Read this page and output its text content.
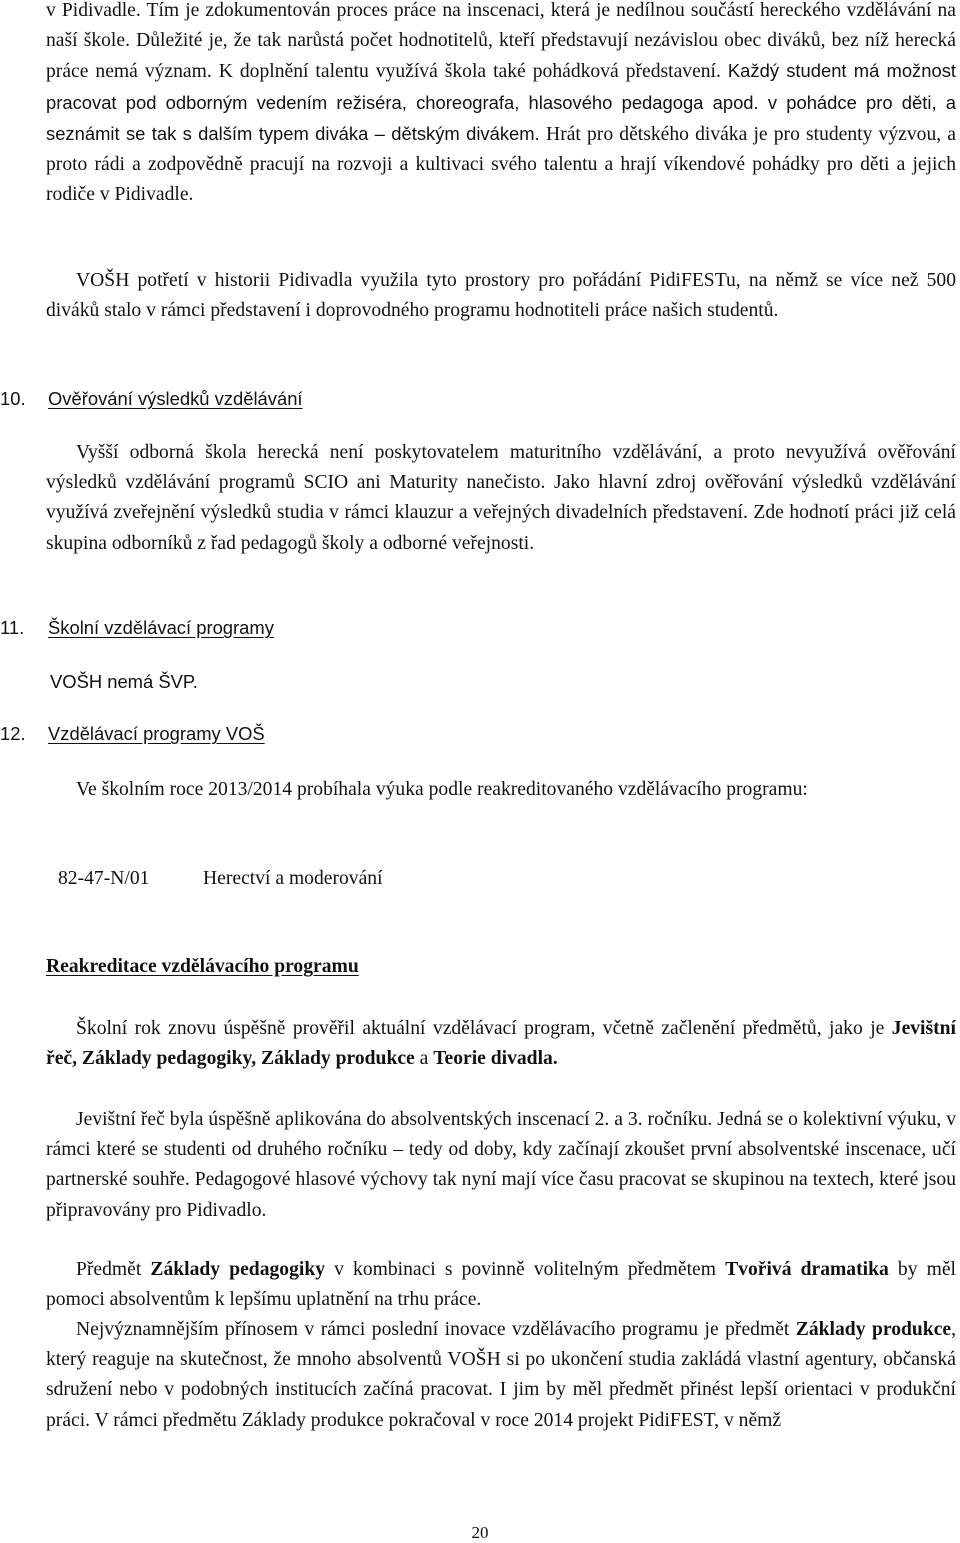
v Pidivadle. Tím je zdokumentován proces práce na inscenaci, která je nedílnou součástí hereckého vzdělávání na naší škole. Důležité je, že tak narůstá počet hodnotitelů, kteří představují nezávislou obec diváků, bez níž herecká práce nemá význam. K doplnění talentu využívá škola také pohádková představení. Každý student má možnost pracovat pod odborným vedením režiséra, choreografa, hlasového pedagoga apod. v pohádce pro děti, a seznámit se tak s dalším typem diváka – dětským divákem. Hrát pro dětského diváka je pro studenty výzvou, a proto rádi a zodpovědně pracují na rozvoji a kultivaci svého talentu a hrají víkendové pohádky pro děti a jejich rodiče v Pidivadle.

VOŠH potřetí v historii Pidivadla využila tyto prostory pro pořádání PidiFESTu, na němž se více než 500 diváků stalo v rámci představení i doprovodného programu hodnotiteli práce našich studentů.

10. Ověřování výsledků vzdělávání

Vyšší odborná škola herecká není poskytovatelem maturitního vzdělávání, a proto nevyužívá ověřování výsledků vzdělávání programů SCIO ani Maturity nanečisto. Jako hlavní zdroj ověřování výsledků vzdělávání využívá zveřejnění výsledků studia v rámci klauzur a veřejných divadelních představení. Zde hodnotí práci již celá skupina odborníků z řad pedagogů školy a odborné veřejnosti.

11. Školní vzdělávací programy

VOŠH nemá ŠVP.

12. Vzdělávací programy VOŠ

Ve školním roce 2013/2014 probíhala výuka podle reakreditovaného vzdělávacího programu:

82-47-N/01	Herectví a moderování

Reakreditace vzdělávacího programu

Školní rok znovu úspěšně prověřil aktuální vzdělávací program, včetně začlenění předmětů, jako je Jevištní řeč, Základy pedagogiky, Základy produkce a Teorie divadla.

Jevištní řeč byla úspěšně aplikována do absolventských inscenací 2. a 3. ročníku. Jedná se o kolektivní výuku, v rámci které se studenti od druhého ročníku – tedy od doby, kdy začínají zkoušet první absolventské inscenace, učí partnerské souhře. Pedagogové hlasové výchovy tak nyní mají více času pracovat se skupinou na textech, které jsou připravovány pro Pidivadlo.

Předmět Základy pedagogiky v kombinaci s povinně volitelným předmětem Tvořivá dramatika by měl pomoci absolventům k lepšímu uplatnění na trhu práce.

Nejvýznamnějším přínosem v rámci poslední inovace vzdělávacího programu je předmět Základy produkce, který reaguje na skutečnost, že mnoho absolventů VOŠH si po ukončení studia zakládá vlastní agentury, občanská sdružení nebo v podobných institucích začíná pracovat. I jim by měl předmět přinést lepší orientaci v produkční práci. V rámci předmětu Základy produkce pokračoval v roce 2014 projekt PidiFEST, v němž

20
